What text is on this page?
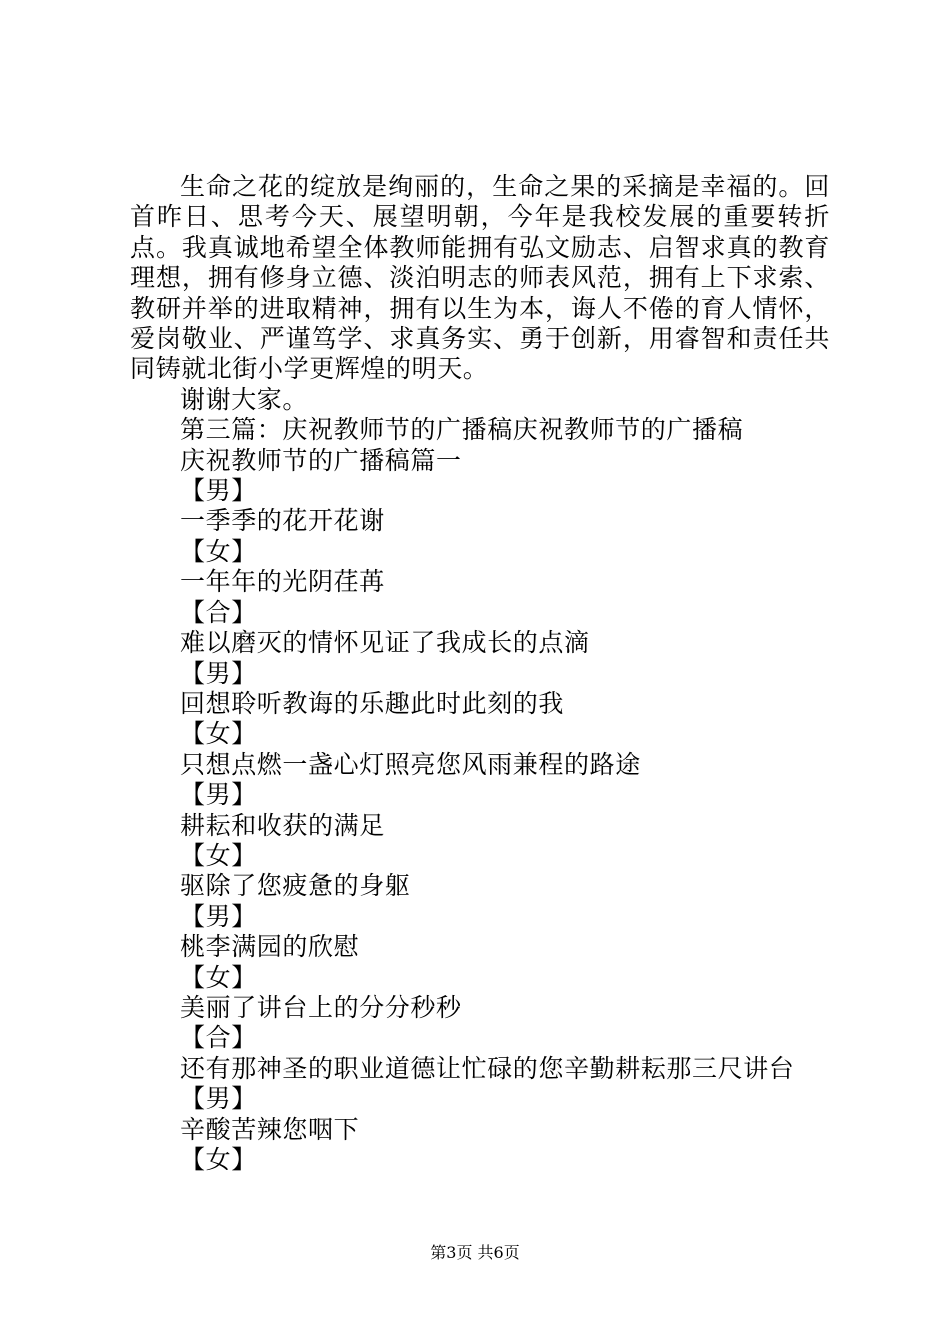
生命之花的绽放是绚丽的，生命之果的采摘是幸福的。回首昨日、思考今天、展望明朝，今年是我校发展的重要转折点。我真诚地希望全体教师能拥有弘文励志、启智求真的教育理想，拥有修身立德、淡泊明志的师表风范，拥有上下求索、教研并举的进取精神，拥有以生为本，诲人不倦的育人情怀，爱岗敬业、严谨笃学、求真务实、勇于创新，用睿智和责任共同铸就北街小学更辉煌的明天。

谢谢大家。

第三篇：庆祝教师节的广播稿庆祝教师节的广播稿

庆祝教师节的广播稿篇一

【男】

一季季的花开花谢

【女】

一年年的光阴荏苒

【合】

难以磨灭的情怀见证了我成长的点滴

【男】

回想聆听教诲的乐趣此时此刻的我

【女】

只想点燃一盏心灯照亮您风雨兼程的路途

【男】

耕耘和收获的满足

【女】

驱除了您疲惫的身躯

【男】

桃李满园的欣慰

【女】

美丽了讲台上的分分秒秒

【合】

还有那神圣的职业道德让忙碌的您辛勤耕耘那三尺讲台

【男】

辛酸苦辣您咽下

【女】

第3页 共6页
